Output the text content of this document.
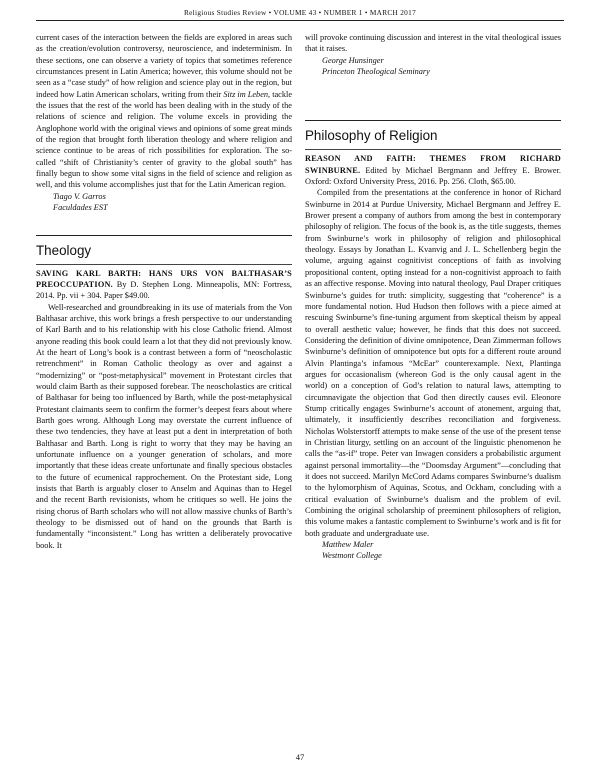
Religious Studies Review • VOLUME 43 • NUMBER 1 • MARCH 2017

current cases of the interaction between the fields are explored in areas such as the creation/evolution controversy, neuroscience, and indeterminism. In these sections, one can observe a variety of topics that sometimes reference circumstances present in Latin America; however, this volume should not be seen as a “case study” of how religion and science play out in the region, but indeed how Latin American scholars, writing from their Sitz im Leben, tackle the issues that the rest of the world has been dealing with in the study of the relations of science and religion. The volume excels in providing the Anglophone world with the original views and opinions of some great minds of the region that brought forth liberation theology and where religion and science continue to be areas of rich possibilities for exploration. The so-called “shift of Christianity’s center of gravity to the global south” has finally begun to show some vital signs in the field of science and religion as well, and this volume accomplishes just that for the Latin American region.

Tiago V. Garros

Faculdades EST

Theology

SAVING KARL BARTH: HANS URS VON BALTHASAR’S PREOCCUPATION. By D. Stephen Long. Minneapolis, MN: Fortress, 2014. Pp. vii + 304. Paper $49.00.

Well-researched and groundbreaking in its use of materials from the Von Balthasar archive, this work brings a fresh perspective to our understanding of Karl Barth and to his relationship with his close Catholic friend. Almost anyone reading this book could learn a lot that they did not previously know. At the heart of Long’s book is a contrast between a form of “neoscholastic retrenchment” in Roman Catholic theology as over and against a “modernizing” or “post-metaphysical” movement in Protestant circles that would claim Barth as their supposed forebear. The neoscholastics are critical of Balthasar for being too influenced by Barth, while the post-metaphysical Protestant claimants seem to confirm the former’s deepest fears about where Barth goes wrong. Although Long may overstate the current influence of these two tendencies, they have at least put a dent in interpretation of both Balthasar and Barth. Long is right to worry that they may be having an unfortunate influence on a younger generation of scholars, and more importantly that these ideas create unfortunate and finally specious obstacles to the future of ecumenical rapprochement. On the Protestant side, Long insists that Barth is arguably closer to Anselm and Aquinas than to Hegel and the recent Barth revisionists, whom he critiques so well. He joins the rising chorus of Barth scholars who will not allow massive chunks of Barth’s theology to be dismissed out of hand on the grounds that Barth is fundamentally “inconsistent.” Long has written a deliberately provocative book. It

will provoke continuing discussion and interest in the vital theological issues that it raises.

George Hunsinger

Princeton Theological Seminary

Philosophy of Religion

REASON AND FAITH: THEMES FROM RICHARD SWINBURNE. Edited by Michael Bergmann and Jeffrey E. Brower. Oxford: Oxford University Press, 2016. Pp. 256. Cloth, $65.00.

Compiled from the presentations at the conference in honor of Richard Swinburne in 2014 at Purdue University, Michael Bergmann and Jeffrey E. Brower present a company of authors from among the best in contemporary philosophy of religion. The focus of the book is, as the title suggests, themes from Swinburne’s work in philosophy of religion and philosophical theology. Essays by Jonathan L. Kvanvig and J. L. Schellenberg begin the volume, arguing against cognitivist conceptions of faith as involving propositional content, opting instead for a non-cognitivist approach to faith as an affective response. Moving into natural theology, Paul Draper critiques Swinburne’s guides for truth: simplicity, suggesting that “coherence” is a more fundamental notion. Hud Hudson then follows with a piece aimed at rescuing Swinburne’s fine-tuning argument from skeptical theism by appeal to overall aesthetic value; however, he finds that this does not succeed. Considering the definition of divine omnipotence, Dean Zimmerman follows Swinburne’s definition of omnipotence but opts for a different route around Alvin Plantinga’s infamous “McEar” counterexample. Next, Plantinga argues for occasionalism (whereon God is the only causal agent in the world) on a conception of God’s relation to natural laws, attempting to circumnavigate the objection that God then directly causes evil. Eleonore Stump critically engages Swinburne’s account of atonement, arguing that, ultimately, it insufficiently describes reconciliation and forgiveness. Nicholas Wolsterstorff attempts to make sense of the use of the present tense in Christian liturgy, settling on an account of the linguistic phenomenon he calls the “as-if” trope. Peter van Inwagen considers a probabilistic argument against personal immortality—the “Doomsday Argument”—concluding that it does not succeed. Marilyn McCord Adams compares Swinburne’s dualism to the hylomorphism of Aquinas, Scotus, and Ockham, concluding with a critical evaluation of Swinburne’s dualism and the problem of evil. Combining the original scholarship of preeminent philosophers of religion, this volume makes a fantastic complement to Swinburne’s work and is fit for both graduate and undergraduate use.

Matthew Maler

Westmont College

47
